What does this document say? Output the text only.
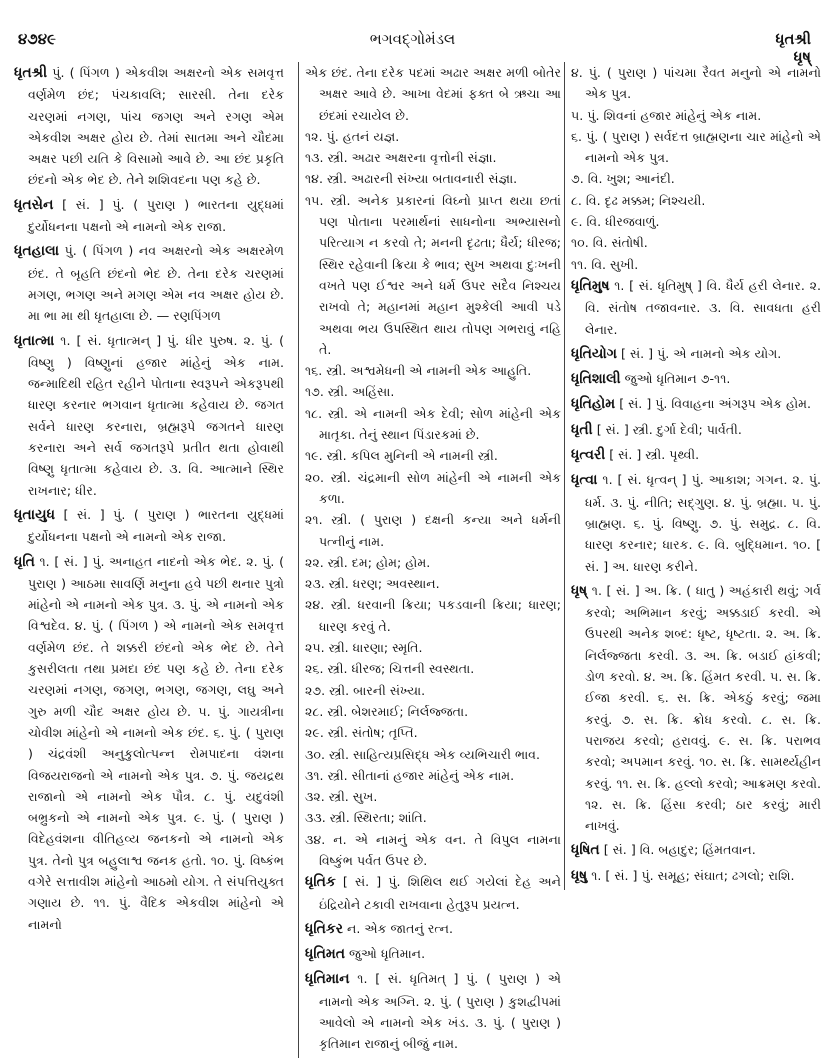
૪૭૪૯	ભગવદ્ગોમંડલ	ધૃતશ્રી
ધૃષ્

ધૃતશ્રી પું. ( પિંગળ ) એકવીશ અક્ષરનો એક સમવૃત્ત વર્ણમેળ છંદ; પંચકાવલિ; સારસી. તેના દરેક ચરણમાં નગણ, પાંચ જગણ અને રગણ એમ એકવીશ અક્ષર હોય છે. તેમાં સાતમા અને ચૌદમા અક્ષર પછી યતિ કે વિસામો આવે છે. આ છંદ પ્રકૃતિ છંદનો એક ભેદ છે. તેને શશિવદના પણ કહે છે.

ધૃતસેન [ સં. ] પું. ( પુરાણ ) ભારતના યુદ્ધમાં દુર્યોધનના પક્ષનો એ નામનો એક રાજા.

ધૃતહાલા પું. ( પિંગળ ) નવ અક્ષરનો એક અક્ષરમેળ છંદ. તે બૃહતિ છંદનો ભેદ છે. તેના દરેક ચરણમાં મગણ, ભગણ અને મગણ એમ નવ અક્ષર હોય છે. મા ભા મા થી ધૃતહાલા છે. — રણપિંગળ

ધૃતાત્મા ૧. [ સં. ધૃતાત્મન્ ] પું. ધીર પુરુષ. ૨. પું. ( વિષ્ણુ ) વિષ્ણુનાં હજાર માંહેનું એક નામ. જન્માદિથી રહિત રહીને પોતાના સ્વરૂપને એકરૂપથી ધારણ કરનાર ભગવાન ધૃતાત્મા કહેવાય છે. જગત સર્વને ધારણ કરનારા, બ્રહ્મરૂપે જગતને ધારણ કરનારા અને સર્વ જગતરૂપે પ્રતીત થતા હોવાથી વિષ્ણુ ધૃતાત્મા કહેવાય છે. ૩. વિ. આત્માને સ્થિર રાખનાર; ધીર.

ધૃતાયુધ [ સં. ] પું. ( પુરાણ ) ભારતના યુદ્ધમાં દુર્યોધનના પક્ષનો એ નામનો એક રાજા.

ધૃતિ ૧. [ સં. ] પું. અનાહત નાદનો એક ભેદ. ૨. પું. ( પુરાણ ) આઠમા સાવર્ણિ મનુના હવે પછી થનાર પુત્રો માંહેનો એ નામનો એક પુત્ર. ૩. પું. એ નામનો એક વિશ્વદેવ. ૪. પું. ( પિંગળ ) એ નામનો એક સમવૃત્ત વર્ણમેળ છંદ. તે શક્કરી છંદનો એક ભેદ છે. તેને કુસરીલતા તથા પ્રમદા છંદ પણ કહે છે. તેના દરેક ચરણમાં નગણ, જગણ, ભગણ, જગણ, લઘુ અને ગુરુ મળી ચૌદ અક્ષર હોય છે. ૫. પું. ગાયત્રીના ચોવીશ માંહેનો એ નામનો એક છંદ. ૬. પું. ( પુરાણ ) ચંદ્રવંશી અનુકુલોત્પન્ન રોમપાદના વંશના વિજયરાજનો એ નામનો એક પુત્ર. ૭. પું. જયદ્રથ રાજાનો એ નામનો એક પૌત્ર. ૮. પું. યદુવંશી બભ્રુકનો એ નામનો એક પુત્ર. ૯. પું. ( પુરાણ ) વિદેહવંશના વીતિહવ્ય જનકનો એ નામનો એક પુત્ર. તેનો પુત્ર બહુલાશ્વ જનક હતો. ૧૦. પું. વિષ્કંભ વગેરે સત્તાવીશ માંહેનો આઠમો યોગ. તે સંપત્તિયુક્ત ગણાય છે. ૧૧. પું. વૈદિક એકવીશ માંહેનો એ નામનો

એક છંદ. તેના દરેક પદમાં અઢાર અક્ષર મળી બોતેર અક્ષર આવે છે. આખા વેદમાં ફક્ત બે ઋચા આ છંદમાં રચાયેલ છે.

૧૨. પું. હતનં યજ્ઞ.

૧૩. સ્ત્રી. અઢાર અક્ષરના વૃત્તોની સંજ્ઞા.

૧૪. સ્ત્રી. અઢારની સંખ્યા બતાવનારી સંજ્ઞા.

૧૫. સ્ત્રી. અનેક પ્રકારનાં વિઘ્નો પ્રાપ્ત થયા છતાં પણ પોતાના પરમાર્થનાં સાધનોના અભ્યાસનો પરિત્યાગ ન કરવો તે; મનની દૃઢતા; ધૈર્ય; ધીરજ; સ્થિર રહેવાની ક્રિયા કે ભાવ; સુખ અથવા દુઃખની વખતે પણ ઈશ્વર અને ધર્મ ઉપર સદૈવ નિશ્ચય રાખવો તે; મહાનમાં મહાન મુશ્કેલી આવી પડે અથવા ભય ઉપસ્થિત થાય તોપણ ગભરાવું નહિ તે.

૧૬. સ્ત્રી. અશ્વમેધની એ નામની એક આહુતિ.

૧૭. સ્ત્રી. અહિંસા.

૧૮. સ્ત્રી. એ નામની એક દેવી; સોળ માંહેની એક માતૃકા. તેનું સ્થાન પિંડારકમાં છે.

૧૯. સ્ત્રી. કપિલ મુનિની એ નામની સ્ત્રી.

૨૦. સ્ત્રી. ચંદ્રમાની સોળ માંહેની એ નામની એક કળા.

૨૧. સ્ત્રી. ( પુરાણ ) દક્ષની કન્યા અને ધર્મની પત્નીનું નામ.

૨૨. સ્ત્રી. દમ; હોમ; હોમ.

૨૩. સ્ત્રી. ધરણ; અવસ્થાન.

૨૪. સ્ત્રી. ધરવાની ક્રિયા; પકડવાની ક્રિયા; ધારણ; ધારણ કરવું તે.

૨૫. સ્ત્રી. ધારણા; સ્મૃતિ.

૨૬. સ્ત્રી. ધીરજ; ચિત્તની સ્વસ્થતા.

૨૭. સ્ત્રી. બારની સંખ્યા.

૨૮. સ્ત્રી. બેશરમાઈ; નિર્લજ્જતા.

૨૯. સ્ત્રી. સંતોષ; તૃપ્તિ.

૩૦. સ્ત્રી. સાહિત્યપ્રસિદ્ધ એક વ્યભિચારી ભાવ.

૩૧. સ્ત્રી. સીતાનાં હજાર માંહેનું એક નામ.

૩૨. સ્ત્રી. સુખ.

૩૩. સ્ત્રી. સ્થિરતા; શાંતિ.

૩૪. ન. એ નામનું એક વન. તે વિપુલ નામના વિષ્કુંભ પર્વત ઉપર છે.

ધૃતિક [ સં. ] પું. શિથિલ થઈ ગયેલાં દેહ અને ઇંદ્રિયોને ટકાવી રાખવાના હેતુરૂપ પ્રયત્ન.

ધૃતિકર ન. એક જાતનું રત્ન.

ધૃતિમત જુઓ ધૃતિમાન.

ધૃતિમાન ૧. [ સં. ધૃતિમત્ ] પું. ( પુરાણ ) એ નામનો એક અગ્નિ. ૨. પું. ( પુરાણ ) કુશદ્વીપમાં આવેલો એ નામનો એક ખંડ. ૩. પું. ( પુરાણ ) કૃતિમાન રાજાનું બીજું નામ.

૪. પું. ( પુરાણ ) પાંચમા રૈવત મનુનો એ નામનો એક પુત્ર.

૫. પું. શિવનાં હજાર માંહેનું એક નામ.

૬. પું. ( પુરાણ ) સર્વદત્ત બ્રાહ્મણના ચાર માંહેનો એ નામનો એક પુત્ર.

૭. વિ. ખુશ; આનંદી.

૮. વિ. દૃઢ મક્કમ; નિશ્ચયી.

૯. વિ. ધીરજવાળું.

૧૦. વિ. સંતોષી.

૧૧. વિ. સુખી.

ધૃતિમુષ ૧. [ સં. ધૃતિમુષ્ ] વિ. ધૈર્ય હરી લેનાર. ૨. વિ. સંતોષ તજાવનાર. ૩. વિ. સાવધતા હરી લેનાર.

ધૃતિયોગ [ સં. ] પું. એ નામનો એક યોગ.

ધૃતિશાલી જુઓ ધૃતિમાન ૭-૧૧.

ધૃતિહોમ [ સં. ] પું. વિવાહના અંગરૂપ એક હોમ.

ધૃતી [ સં. ] સ્ત્રી. દુર્ગા દેવી; પાર્વતી.

ધૃત્વરી [ સં. ] સ્ત્રી. પૃથ્વી.

ધૃત્વા ૧. [ સં. ધૃત્વન્ ] પું. આકાશ; ગગન. ૨. પું. ધર્મ. ૩. પું. નીતિ; સદ્ગુણ. ૪. પું. બ્રહ્મા. ૫. પું. બ્રાહ્મણ. ૬. પું. વિષ્ણુ. ૭. પું. સમુદ્ર. ૮. વિ. ધારણ કરનાર; ધારક. ૯. વિ. બુદ્ધિમાન. ૧૦. [ સં. ] અ. ધારણ કરીને.

ધૃષ્ ૧. [ સં. ] અ. ક્રિ. ( ધાતુ ) અહંકારી થવું; ગર્વ કરવો; અભિમાન કરવું; અક્કડાઈ કરવી. એ ઉપરથી અનેક શબ્દ: ધૃષ્ટ, ધૃષ્ટતા. ૨. અ. ક્રિ. નિર્લજ્જતા કરવી. ૩. અ. ક્રિ. બડાઈ હાંકવી; ડોળ કરવો. ૪. અ. ક્રિ. હિંમત કરવી. ૫. સ. ક્રિ. ઈજા કરવી. ૬. સ. ક્રિ. એકઠું કરવું; જમા કરવું. ૭. સ. ક્રિ. ક્રોધ કરવો. ૮. સ. ક્રિ. પરાજય કરવો; હરાવવું. ૯. સ. ક્રિ. પરાભવ કરવો; અપમાન કરવું. ૧૦. સ. ક્રિ. સામર્થ્યહીન કરવું. ૧૧. સ. ક્રિ. હલ્લો કરવો; આક્રમણ કરવો. ૧૨. સ. ક્રિ. હિંસા કરવી; ઠાર કરવું; મારી નાખવું.

ધૃષિત [ સં. ] વિ. બહાદુર; હિંમતવાન.

ધૃષુ ૧. [ સં. ] પું. સમૂહ; સંઘાત; ઢગલો; રાશિ.
